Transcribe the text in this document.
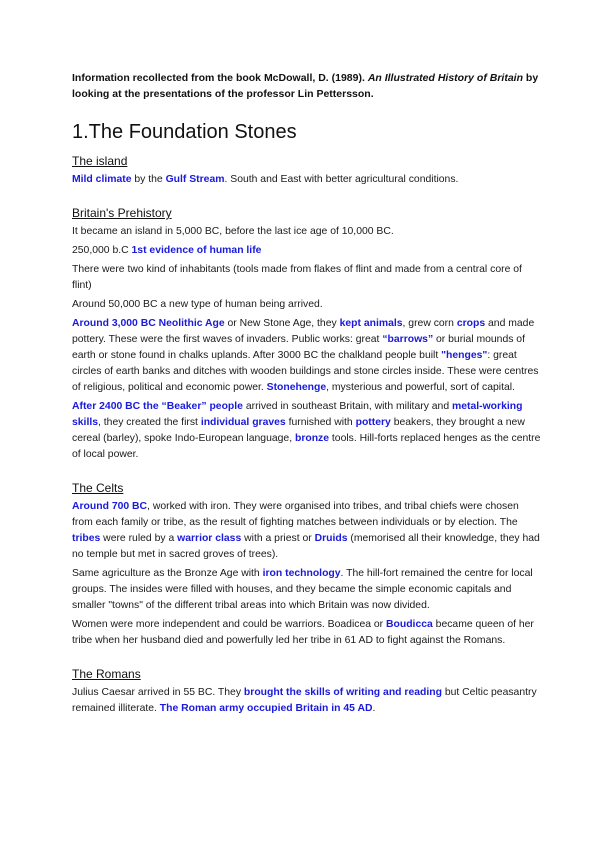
Information recollected from the book McDowall, D. (1989). An Illustrated History of Britain by looking at the presentations of the professor Lin Pettersson.

1.The Foundation Stones
The island

Mild climate by the Gulf Stream. South and East with better agricultural conditions.

Britain's Prehistory

It became an island in 5,000 BC, before the last ice age of 10,000 BC.

250,000 b.C 1st evidence of human life

There were two kind of inhabitants (tools made from flakes of flint and made from a central core of flint)

Around 50,000 BC a new type of human being arrived.

Around 3,000 BC Neolithic Age or New Stone Age, they kept animals, grew corn crops and made pottery. These were the first waves of invaders. Public works: great “barrows” or burial mounds of earth or stone found in chalks uplands. After 3000 BC the chalkland people built "henges": great circles of earth banks and ditches with wooden buildings and stone circles inside. These were centres of religious, political and economic power. Stonehenge, mysterious and powerful, sort of capital.

After 2400 BC the “Beaker” people arrived in southeast Britain, with military and metal-working skills, they created the first individual graves furnished with pottery beakers, they brought a new cereal (barley), spoke Indo-European language, bronze tools. Hill-forts replaced henges as the centre of local power.

The Celts

Around 700 BC, worked with iron. They were organised into tribes, and tribal chiefs were chosen from each family or tribe, as the result of fighting matches between individuals or by election. The tribes were ruled by a warrior class with a priest or Druids (memorised all their knowledge, they had no temple but met in sacred groves of trees).

Same agriculture as the Bronze Age with iron technology. The hill-fort remained the centre for local groups. The insides were filled with houses, and they became the simple economic capitals and smaller "towns" of the different tribal areas into which Britain was now divided.

Women were more independent and could be warriors. Boadicea or Boudicca became queen of her tribe when her husband died and powerfully led her tribe in 61 AD to fight against the Romans.

The Romans

Julius Caesar arrived in 55 BC. They brought the skills of writing and reading but Celtic peasantry remained illiterate. The Roman army occupied Britain in 45 AD.
